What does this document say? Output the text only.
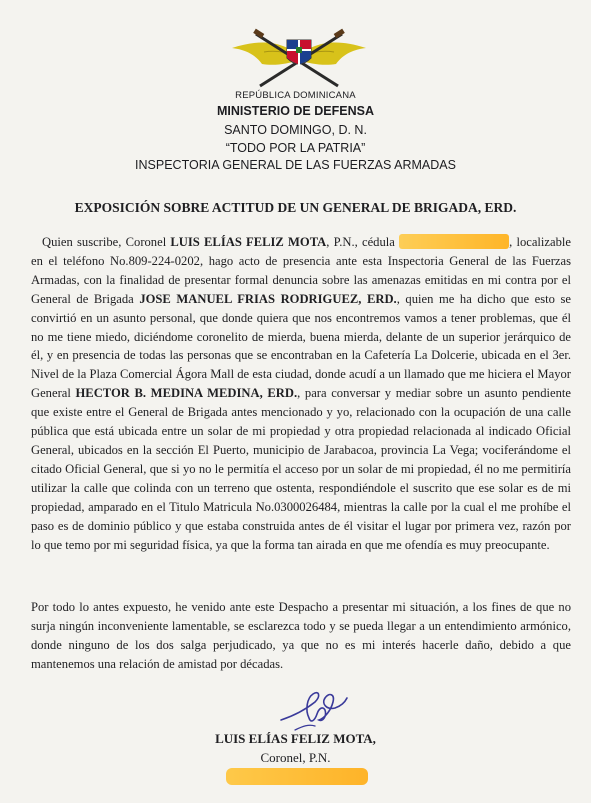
REPÚBLICA DOMINICANA
MINISTERIO DE DEFENSA
SANTO DOMINGO, D. N.
“TODO POR LA PATRIA”
INSPECTORIA GENERAL DE LAS FUERZAS ARMADAS
EXPOSICIÓN SOBRE ACTITUD DE UN GENERAL DE BRIGADA, ERD.

Quien suscribe, Coronel LUIS ELÍAS FELIZ MOTA, P.N., cédula	, localizable en el teléfono No.809-224-0202, hago acto de presencia ante esta Inspectoria General de las Fuerzas Armadas, con la finalidad de presentar formal denuncia sobre las amenazas emitidas en mi contra por el General de Brigada JOSE MANUEL FRIAS RODRIGUEZ, ERD., quien me ha dicho que esto se convirtió en un asunto personal, que donde quiera que nos encontremos vamos a tener problemas, que él no me tiene miedo, diciéndome coronelito de mierda, buena mierda, delante de un superior jerárquico de él, y en presencia de todas las personas que se encontraban en la Cafetería La Dolcerie, ubicada en el 3er. Nivel de la Plaza Comercial Ágora Mall de esta ciudad, donde acudí a un llamado que me hiciera el Mayor General HECTOR B. MEDINA MEDINA, ERD., para conversar y mediar sobre un asunto pendiente que existe entre el General de Brigada antes mencionado y yo, relacionado con la ocupación de una calle pública que está ubicada entre un solar de mi propiedad y otra propiedad relacionada al indicado Oficial General, ubicados en la sección El Puerto, municipio de Jarabacoa, provincia La Vega; vociferándome el citado Oficial General, que si yo no le permitía el acceso por un solar de mi propiedad, él no me permitiría utilizar la calle que colinda con un terreno que ostenta, respondiéndole el suscrito que ese solar es de mi propiedad, amparado en el Titulo Matricula No.0300026484, mientras la calle por la cual el me prohíbe el paso es de dominio público y que estaba construida antes de él visitar el lugar por primera vez, razón por lo que temo por mi seguridad física, ya que la forma tan airada en que me ofendía es muy preocupante.

Por todo lo antes expuesto, he venido ante este Despacho a presentar mi situación, a los fines de que no surja ningún inconveniente lamentable, se esclarezca todo y se pueda llegar a un entendimiento armónico, donde ninguno de los dos salga perjudicado, ya que no es mi interés hacerle daño, debido a que mantenemos una relación de amistad por décadas.

LUIS ELÍAS FELIZ MOTA,
Coronel, P.N.
